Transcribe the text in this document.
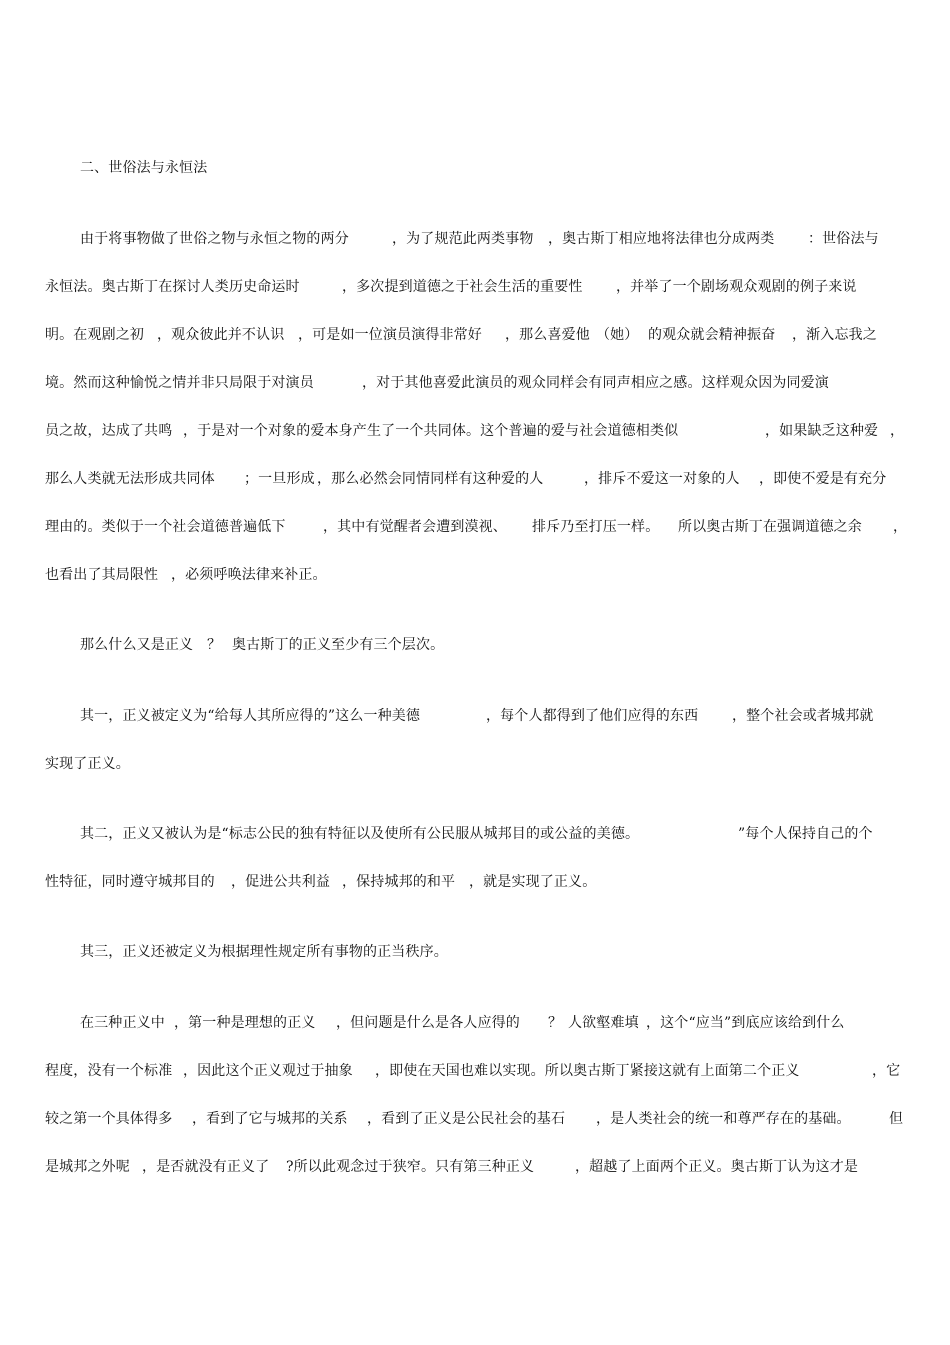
二、世俗法与永恒法
由于将事物做了世俗之物与永恒之物的两分	，为了规范此两类事物 ，奥古斯丁相应地将法律也分成两类 ：世俗法与
永恒法。奥古斯丁在探讨人类历史命运时	，多次提到道德之于社会生活的重要性 ，并举了一个剧场观众观剧的例子来说
明。在观剧之初 ，观众彼此并不认识 ，可是如一位演员演得非常好 ，那么喜爱他 （她） 的观众就会精神振奋 ，渐入忘我之
境。然而这种愉悦之情并非只局限于对演员	，对于其他喜爱此演员的观众同样会有同声相应之感。这样观众因为同爱演
员之故，达成了共鸣 ，于是对一个对象的爱本身产生了一个共同体。这个普遍的爱与社会道德相类似	，如果缺乏这种爱 ，
那么人类就无法形成共同体 ；一旦形成 ，那么必然会同情同样有这种爱的人	，排斥不爱这一对象的人 ，即使不爱是有充分
理由的。类似于一个社会道德普遍低下	，其中有觉醒者会遭到漠视、 排斥乃至打压一样。 所以奥古斯丁在强调道德之余 ，
也看出了其局限性 ，必须呼唤法律来补正。
那么什么又是正义 ？ 奥古斯丁的正义至少有三个层次。
其一，正义被定义为“给每人其所应得的”这么一种美德	，每个人都得到了他们应得的东西 ，整个社会或者城邦就
实现了正义。
其二，正义又被认为是“标志公民的独有特征以及使所有公民服从城邦目的或公益的美德。	”每个人保持自己的个
性特征，同时遵守城邦目的 ，促进公共利益 ，保持城邦的和平 ，就是实现了正义。
其三，正义还被定义为根据理性规定所有事物的正当秩序。
在三种正义中 ，第一种是理想的正义 ，但问题是什么是各人应得的 ？ 人欲壑难填 ，这个“应当”到底应该给到什么
程度，没有一个标准 ，因此这个正义观过于抽象 ，即使在天国也难以实现。所以奥古斯丁紧接这就有上面第二个正义	，它
较之第一个具体得多 ，看到了它与城邦的关系 ，看到了正义是公民社会的基石 ，是人类社会的统一和尊严存在的基础。	但
是城邦之外呢 ，是否就没有正义了 ?所以此观念过于狭窄。只有第三种正义	，超越了上面两个正义。奥古斯丁认为这才是
